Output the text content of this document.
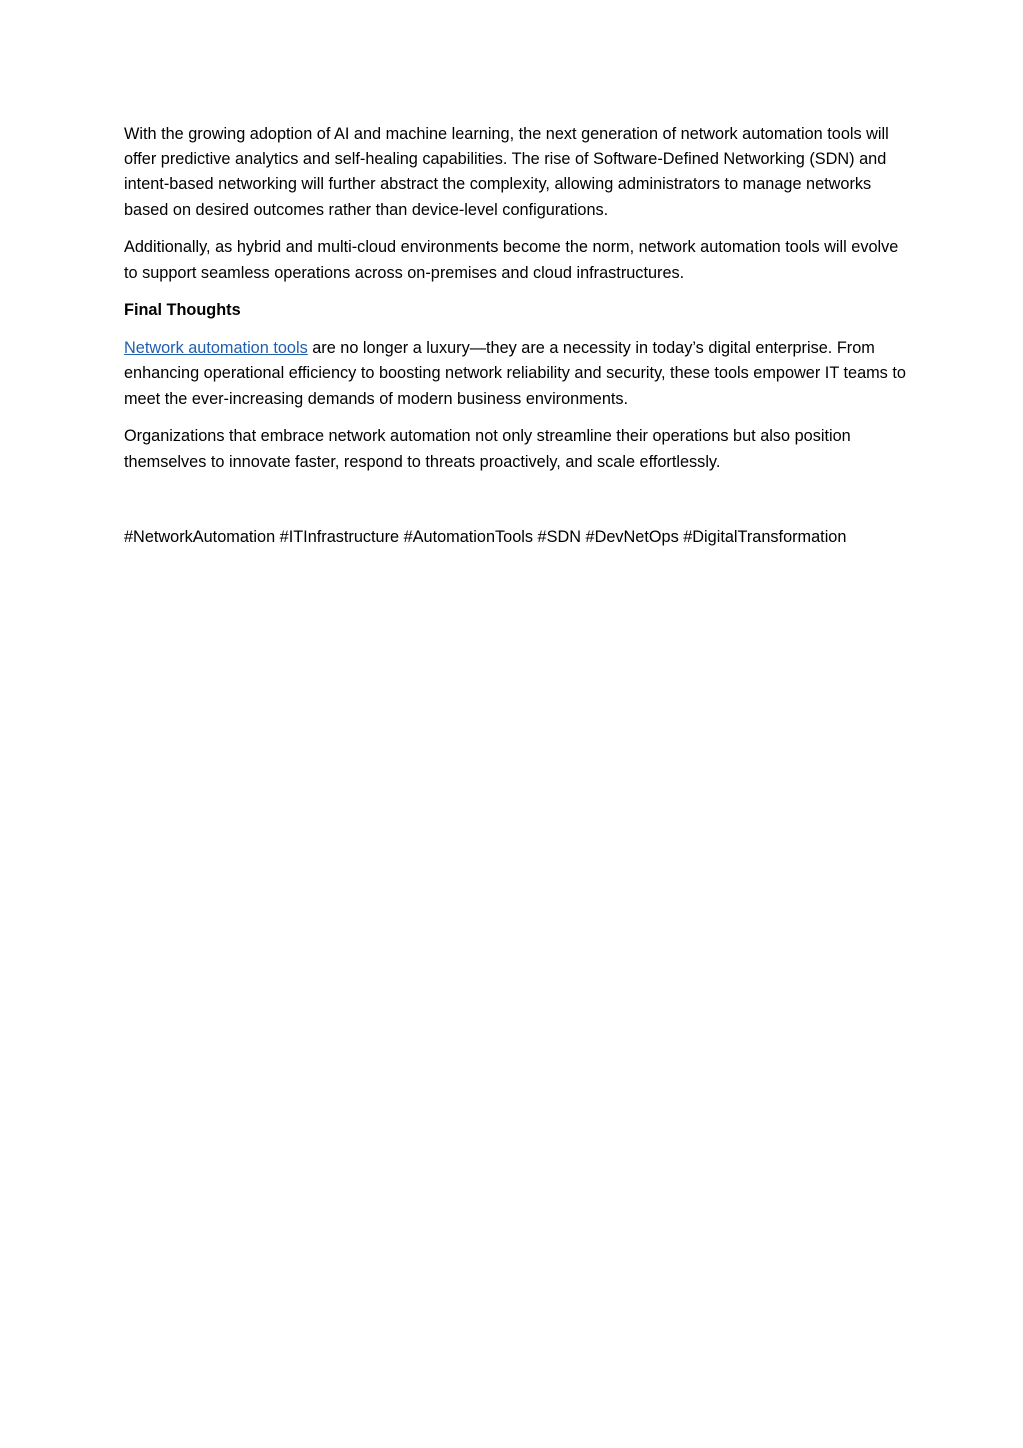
With the growing adoption of AI and machine learning, the next generation of network automation tools will offer predictive analytics and self-healing capabilities. The rise of Software-Defined Networking (SDN) and intent-based networking will further abstract the complexity, allowing administrators to manage networks based on desired outcomes rather than device-level configurations.

Additionally, as hybrid and multi-cloud environments become the norm, network automation tools will evolve to support seamless operations across on-premises and cloud infrastructures.

Final Thoughts

Network automation tools are no longer a luxury—they are a necessity in today’s digital enterprise. From enhancing operational efficiency to boosting network reliability and security, these tools empower IT teams to meet the ever-increasing demands of modern business environments.

Organizations that embrace network automation not only streamline their operations but also position themselves to innovate faster, respond to threats proactively, and scale effortlessly.

#NetworkAutomation #ITInfrastructure #AutomationTools #SDN #DevNetOps #DigitalTransformation
